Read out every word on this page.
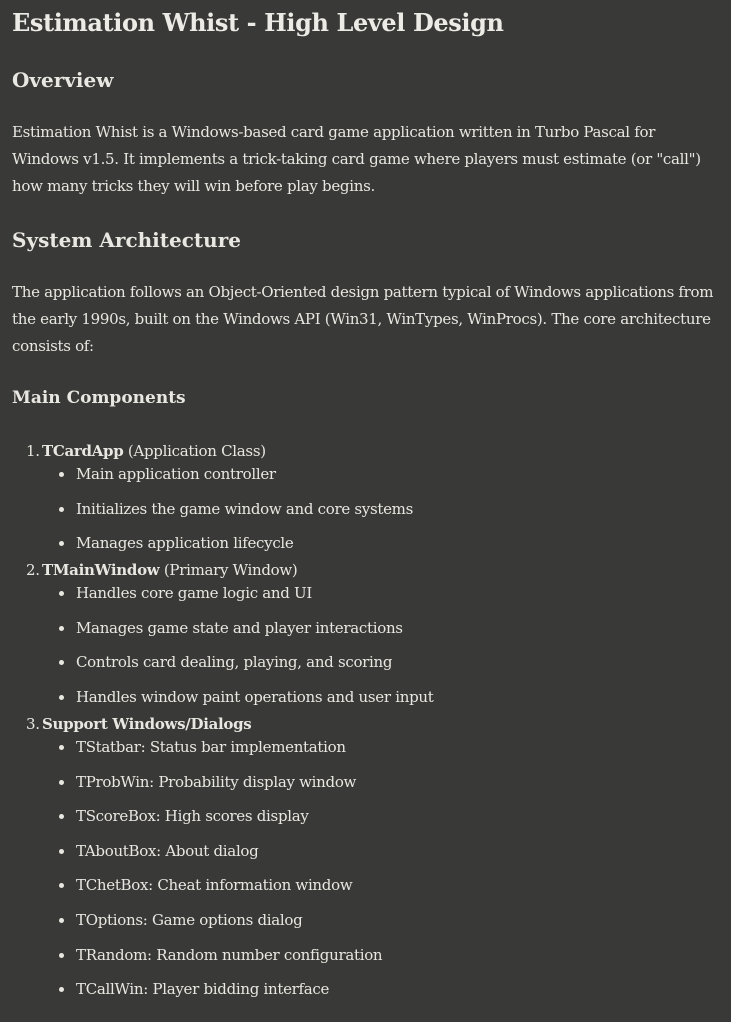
Estimation Whist - High Level Design
Overview

Estimation Whist is a Windows-based card game application written in Turbo Pascal for Windows v1.5. It implements a trick-taking card game where players must estimate (or "call") how many tricks they will win before play begins.

System Architecture

The application follows an Object-Oriented design pattern typical of Windows applications from the early 1990s, built on the Windows API (Win31, WinTypes, WinProcs). The core architecture consists of:

Main Components
1. TCardApp (Application Class)
Main application controller
Initializes the game window and core systems
Manages application lifecycle
2. TMainWindow (Primary Window)
Handles core game logic and UI
Manages game state and player interactions
Controls card dealing, playing, and scoring
Handles window paint operations and user input
3. Support Windows/Dialogs
TStatbar: Status bar implementation
TProbWin: Probability display window
TScoreBox: High scores display
TAboutBox: About dialog
TChetBox: Cheat information window
TOptions: Game options dialog
TRandom: Random number configuration
TCallWin: Player bidding interface
